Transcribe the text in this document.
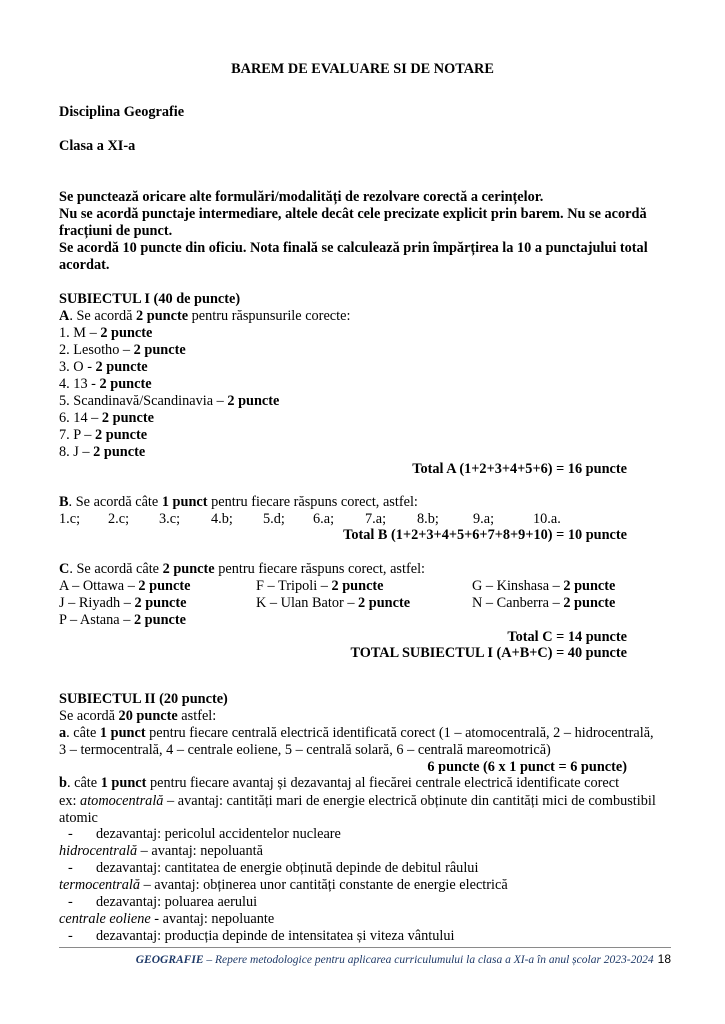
BAREM DE EVALUARE SI DE NOTARE
Disciplina Geografie
Clasa a XI-a
Se punctează oricare alte formulări/modalități de rezolvare corectă a cerințelor.
Nu se acordă punctaje intermediare, altele decât cele precizate explicit prin barem. Nu se acordă fracțiuni de punct.
Se acordă 10 puncte din oficiu. Nota finală se calculează prin împărțirea la 10 a punctajului total acordat.
SUBIECTUL I (40 de puncte)
A. Se acordă 2 puncte pentru răspunsurile corecte:
1. M – 2 puncte
2. Lesotho – 2 puncte
3. O - 2 puncte
4. 13 - 2 puncte
5. Scandinavă/Scandinavia – 2 puncte
6. 14 – 2 puncte
7. P – 2 puncte
8. J – 2 puncte
Total A (1+2+3+4+5+6) = 16 puncte
B. Se acordă câte 1 punct pentru fiecare răspuns corect, astfel:
1.c; 2.c; 3.c; 4.b; 5.d; 6.a; 7.a; 8.b; 9.a;	10.a.
Total B (1+2+3+4+5+6+7+8+9+10) = 10 puncte
C. Se acordă câte 2 puncte pentru fiecare răspuns corect, astfel:
A – Ottawa – 2 puncte	F – Tripoli – 2 puncte	G – Kinshasa – 2 puncte
J – Riyadh – 2 puncte	K – Ulan Bator – 2 puncte	N – Canberra – 2 puncte
P – Astana – 2 puncte
Total C = 14 puncte
TOTAL SUBIECTUL I (A+B+C) = 40 puncte
SUBIECTUL II (20 puncte)
Se acordă 20 puncte astfel:
a. câte 1 punct pentru fiecare centrală electrică identificată corect (1 – atomocentrală, 2 – hidrocentrală,
3 – termocentrală, 4 – centrale eoliene, 5 – centrală solară, 6 – centrală mareomotrică)
6 puncte (6 x 1 punct = 6 puncte)
b. câte 1 punct pentru fiecare avantaj și dezavantaj al fiecărei centrale electrică identificate corect
ex: atomocentrală – avantaj: cantități mari de energie electrică obținute din cantități mici de combustibil
atomic
- dezavantaj: pericolul accidentelor nucleare
hidrocentrală – avantaj: nepoluantă
- dezavantaj: cantitatea de energie obținută depinde de debitul râului
termocentrală – avantaj: obținerea unor cantități constante de energie electrică
- dezavantaj: poluarea aerului
centrale eoliene - avantaj: nepoluante
- dezavantaj: producția depinde de intensitatea și viteza vântului
GEOGRAFIE – Repere metodologice pentru aplicarea curriculumului la clasa a XI-a în anul școlar 2023-2024 18
